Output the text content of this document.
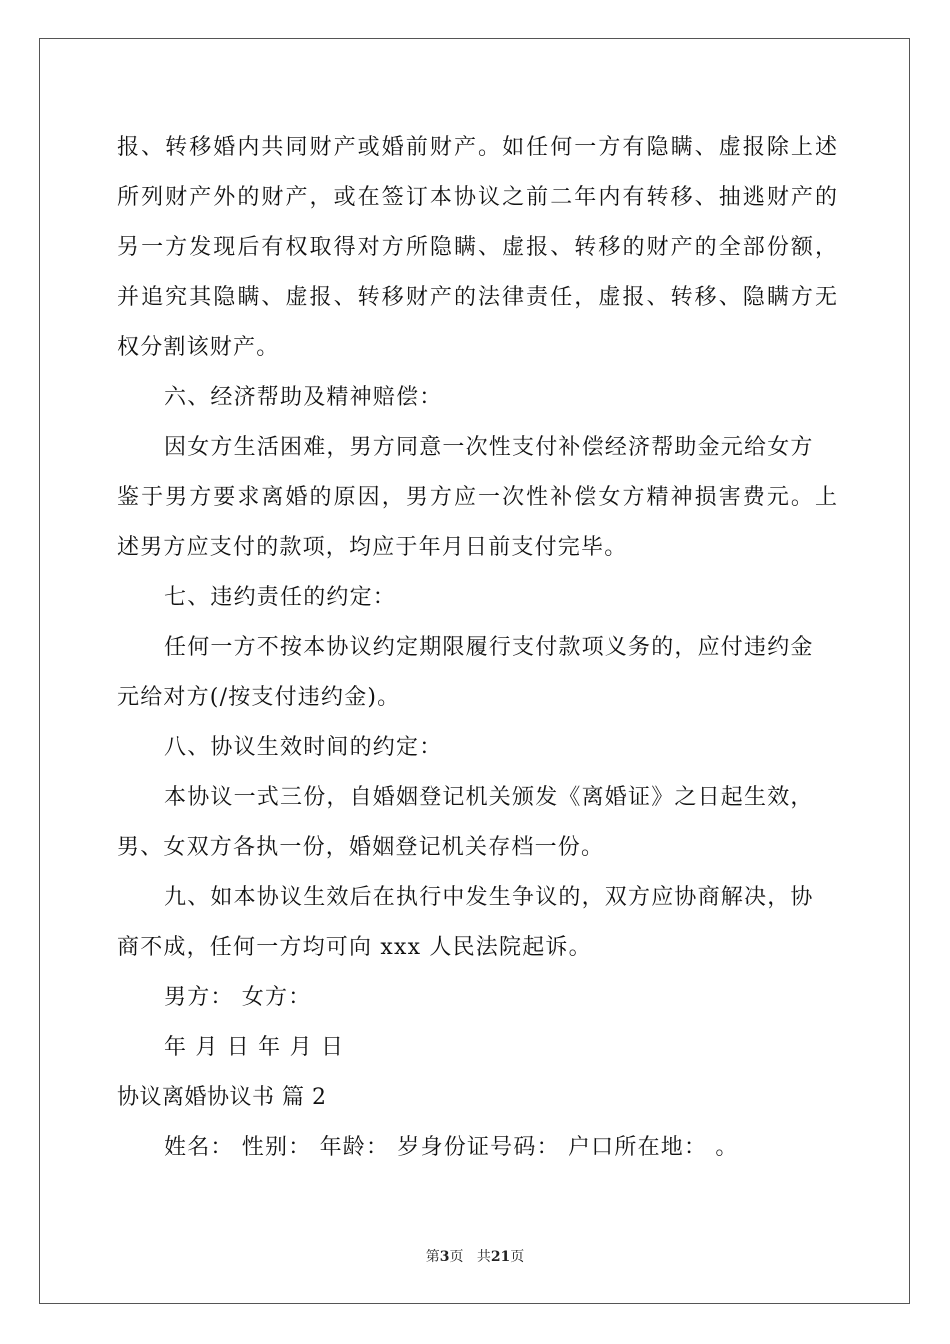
报、转移婚内共同财产或婚前财产。如任何一方有隐瞒、虚报除上述
所列财产外的财产，或在签订本协议之前二年内有转移、抽逃财产的
另一方发现后有权取得对方所隐瞒、虚报、转移的财产的全部份额，
并追究其隐瞒、虚报、转移财产的法律责任，虚报、转移、隐瞒方无
权分割该财产。
六、经济帮助及精神赔偿：
因女方生活困难，男方同意一次性支付补偿经济帮助金元给女方
鉴于男方要求离婚的原因，男方应一次性补偿女方精神损害费元。上
述男方应支付的款项，均应于年月日前支付完毕。
七、违约责任的约定：
任何一方不按本协议约定期限履行支付款项义务的，应付违约金
元给对方(/按支付违约金)。
八、协议生效时间的约定：
本协议一式三份，自婚姻登记机关颁发《离婚证》之日起生效，
男、女双方各执一份，婚姻登记机关存档一份。
九、如本协议生效后在执行中发生争议的，双方应协商解决，协
商不成，任何一方均可向 xxx 人民法院起诉。
男方： 女方：
年 月 日 年 月 日
协议离婚协议书 篇 2
姓名： 性别： 年龄： 岁身份证号码： 户口所在地： 。
第3页 共21页
